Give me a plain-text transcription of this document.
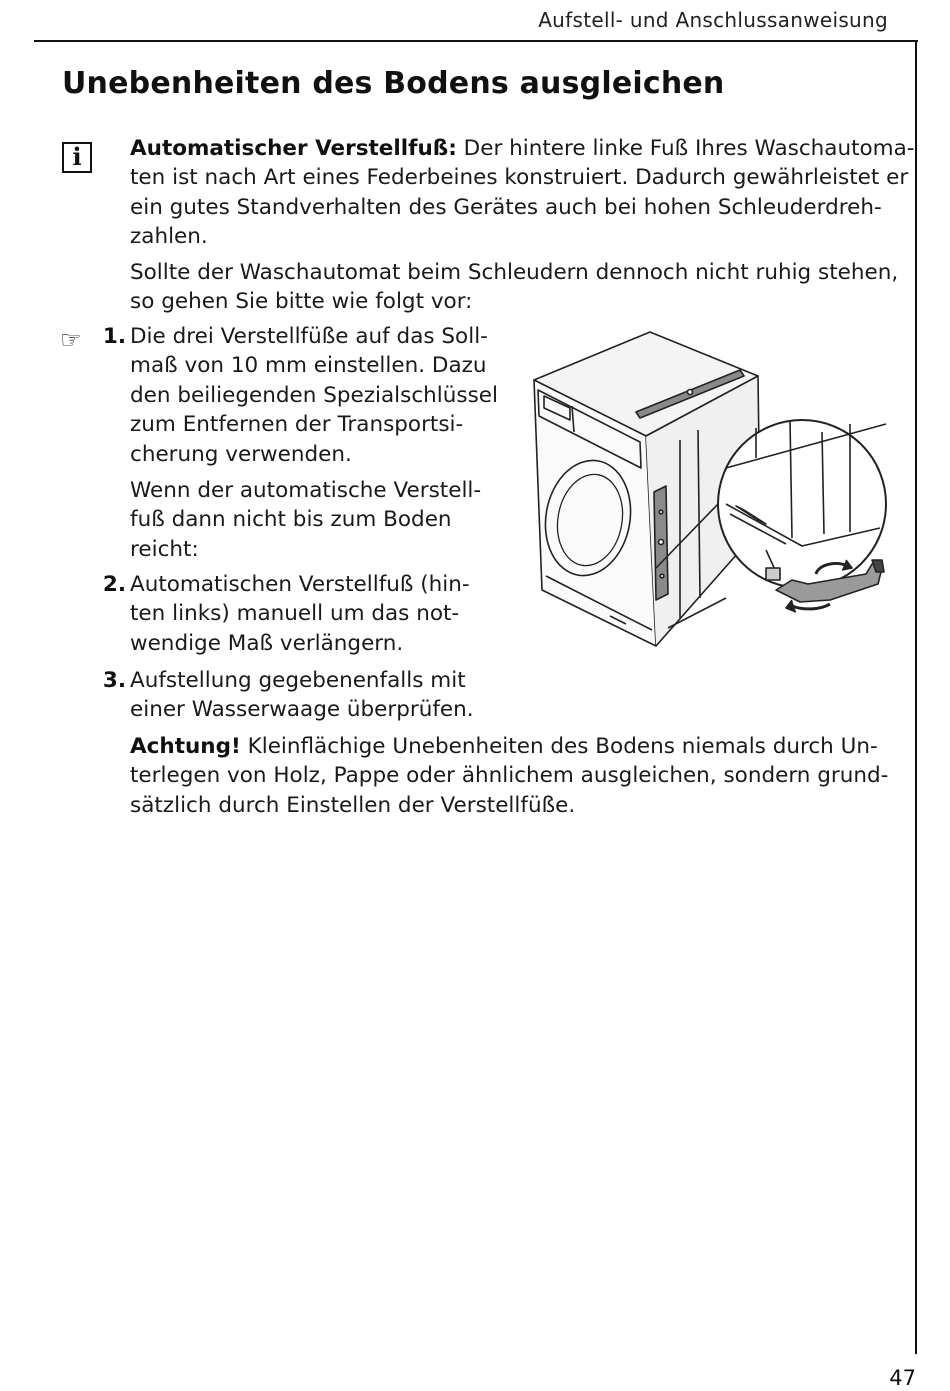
Aufstell- und Anschlussanweisung
Unebenheiten des Bodens ausgleichen
i	Automatischer Verstellfuß: Der hintere linke Fuß Ihres Waschautoma-
ten ist nach Art eines Federbeines konstruiert. Dadurch gewährleistet er
ein gutes Standverhalten des Gerätes auch bei hohen Schleuderdreh-
zahlen.
Sollte der Waschautomat beim Schleudern dennoch nicht ruhig stehen,
so gehen Sie bitte wie folgt vor:
☞ 1. Die drei Verstellfüße auf das Soll-
maß von 10 mm einstellen. Dazu
den beiliegenden Spezialschlüssel
zum Entfernen der Transportsi-
cherung verwenden.
Wenn der automatische Verstell-
fuß dann nicht bis zum Boden
reicht:
2. Automatischen Verstellfuß (hin-
ten links) manuell um das not-
wendige Maß verlängern.
3. Aufstellung gegebenenfalls mit
einer Wasserwaage überprüfen.
Achtung! Kleinflächige Unebenheiten des Bodens niemals durch Un-
terlegen von Holz, Pappe oder ähnlichem ausgleichen, sondern grund-
sätzlich durch Einstellen der Verstellfüße.
47
